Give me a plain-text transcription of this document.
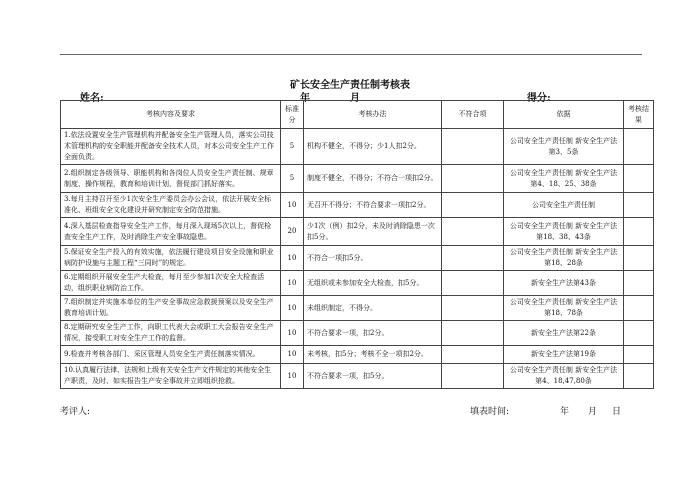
矿长安全生产责任制考核表
姓名:	年	月	得分:
考核内容及要求	标准分	考核办法	不符合项	依据	考核结果
1.依法设置安全生产管理机构并配备安全生产管理人员，落实公司技术管理机构的安全职能并配备安全技术人员，对本公司安全生产工作全面负责。	5	机构不健全，不得分；少1人扣2分。		公司安全生产责任制 新安全生产法第3、5条	
2.组织制定各级领导、职能机构和各岗位人员安全生产责任制、规章制度、操作规程，教育和培训计划，督促部门抓好落实。	5	制度不健全，不得分；不符合一项扣2分。		公司安全生产责任制 新安全生产法第4、18、25、38条	
3.每月主持召开至少1次安全生产委员会办公会议，依法开展安全标准化、班组安全文化建设并研究制定安全防范措施。	10	无召开不得分；不符合要求一项扣2分。		公司安全生产责任制	
4.深入基层检查指导安全生产工作，每月深入现场5次以上，督促检查安全生产工作，及时消除生产安全事故隐患。	20	少1次（例）扣2分，未及时消除隐患一次扣5分。		公司安全生产责任制 新安全生产法第18、38、43条	
5.保证安全生产投入的有效实施，依法履行建设项目安全设施和职业病防护设施与主题工程“三同时”的规定。	10	不符合一项扣5分。		公司安全生产责任制 新安全生产法第18、28条	
6.定期组织开展安全生产大检查，每月至少参加1次安全大检查活动，组织职业病防治工作。	10	无组织或未参加安全大检查，扣5分。		新安全生产法第43条	
7.组织制定并实施本单位的生产安全事故应急救援预案以及安全生产教育培训计划。	10	未组织制定，不得分。		公司安全生产责任制 新安全生产法第18、78条	
8.定期研究安全生产工作，向职工代表大会或职工大会报告安全生产情况，接受职工对安全生产工作的监督。	10	不符合要求一项，扣2分。		新安全生产法第22条	
9.检查并考核各部门、采区管理人员安全生产责任制落实情况。	10	未考核，扣5分；考核不全一项扣2分。		新安全生产法第19条	
10.认真履行法律、法规和上级有关安全生产文件规定的其他安全生产职责，及时、如实报告生产安全事故并立即组织抢救。	10	不符合要求一项，扣5分。		公司安全生产责任制 新安全生产法第4、18,47,80条	
考评人:	填表时间:	年 月 日
